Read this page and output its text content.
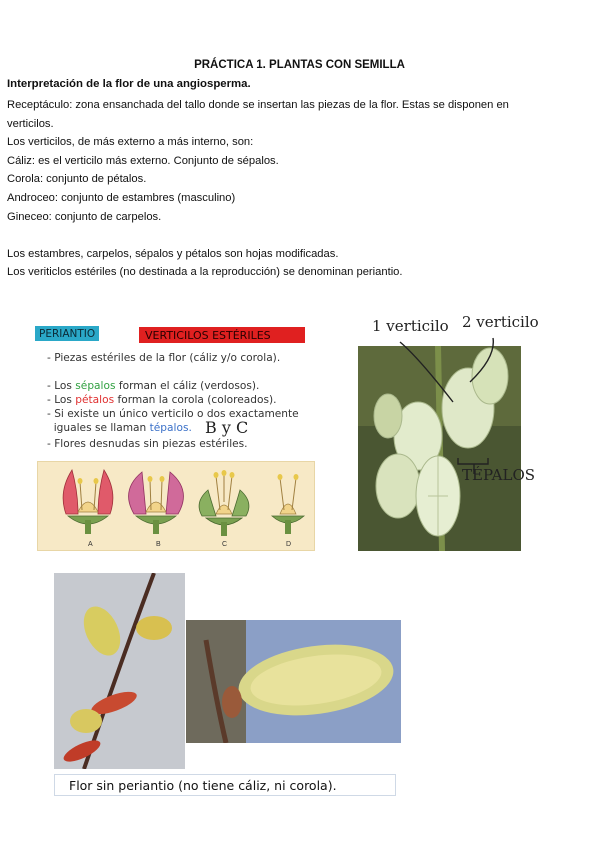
PRÁCTICA 1. PLANTAS CON SEMILLA
Interpretación de la flor de una angiosperma.
Receptáculo: zona ensanchada del tallo donde se insertan las piezas de la flor. Estas se disponen en
verticilos.
Los verticilos, de más externo a más interno, son:
Cáliz: es el verticilo más externo. Conjunto de sépalos.
Corola: conjunto de pétalos.
Androceo: conjunto de estambres (masculino)
Gineceo: conjunto de carpelos.
Los estambres, carpelos, sépalos y pétalos son hojas modificadas.
Los veriticlos estériles (no destinada a la reproducción) se denominan periantio.
PERIANTIO	VERTICILOS ESTÉRILES
- Piezas estériles de la flor (cáliz y/o corola).
- Los sépalos forman el cáliz (verdosos).
- Los pétalos forman la corola (coloreados).
- Si existe un único verticilo o dos exactamente
iguales se llaman tépalos. B y C
- Flores desnudas sin piezas estériles.
A	B	C	D
1 verticilo 2 verticilo
TÉPALOS
Flor sin periantio (no tiene cáliz, ni corola).
